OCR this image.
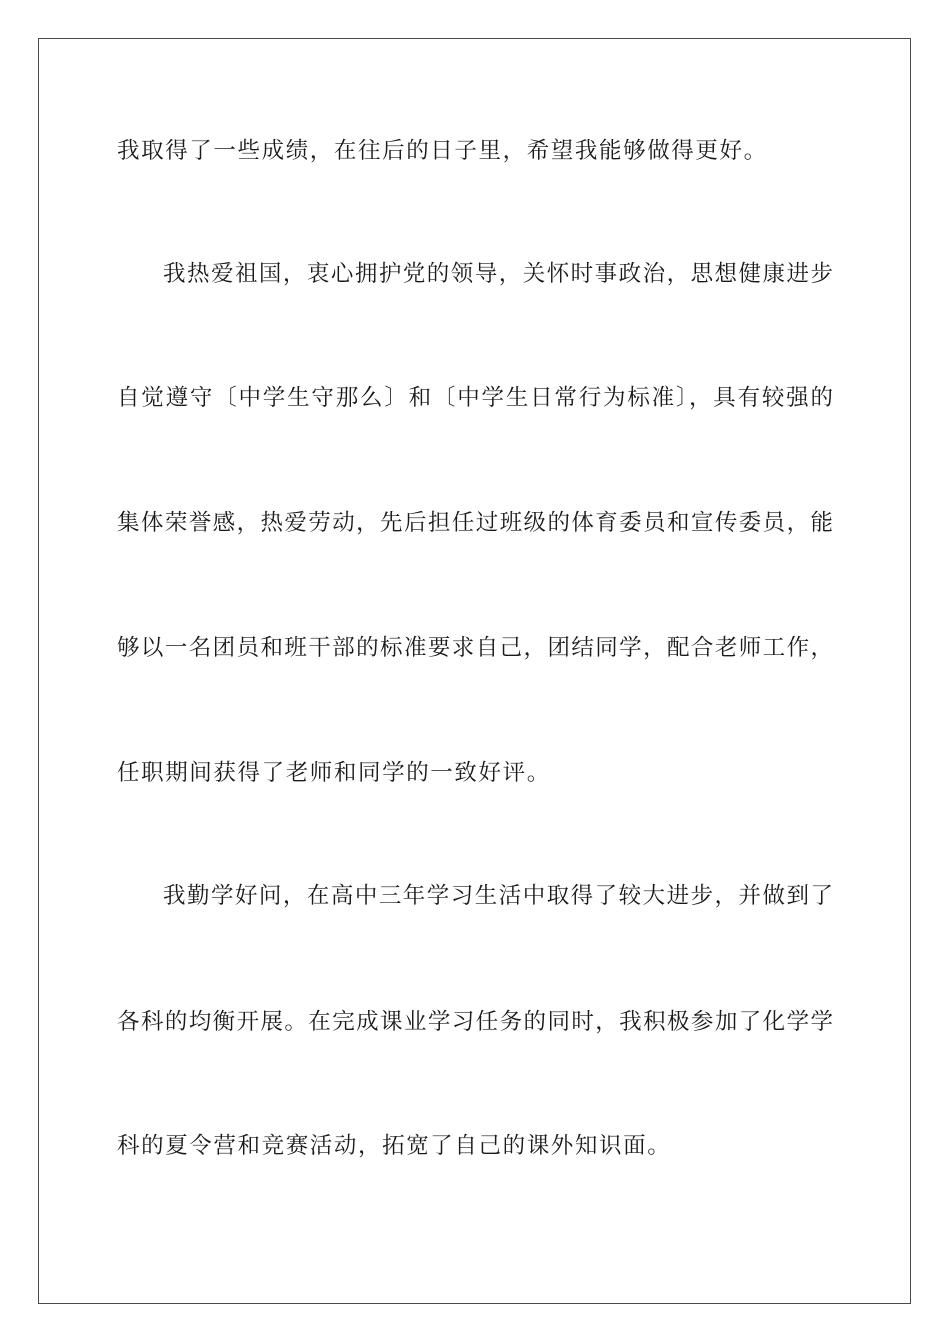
我取得了一些成绩，在往后的日子里，希望我能够做得更好。
我热爱祖国，衷心拥护党的领导，关怀时事政治，思想健康进步
自觉遵守〔中学生守那么〕和〔中学生日常行为标准〕，具有较强的
集体荣誉感，热爱劳动，先后担任过班级的体育委员和宣传委员，能
够以一名团员和班干部的标准要求自己，团结同学，配合老师工作，
任职期间获得了老师和同学的一致好评。
我勤学好问，在高中三年学习生活中取得了较大进步，并做到了
各科的均衡开展。在完成课业学习任务的同时，我积极参加了化学学
科的夏令营和竞赛活动，拓宽了自己的课外知识面。
